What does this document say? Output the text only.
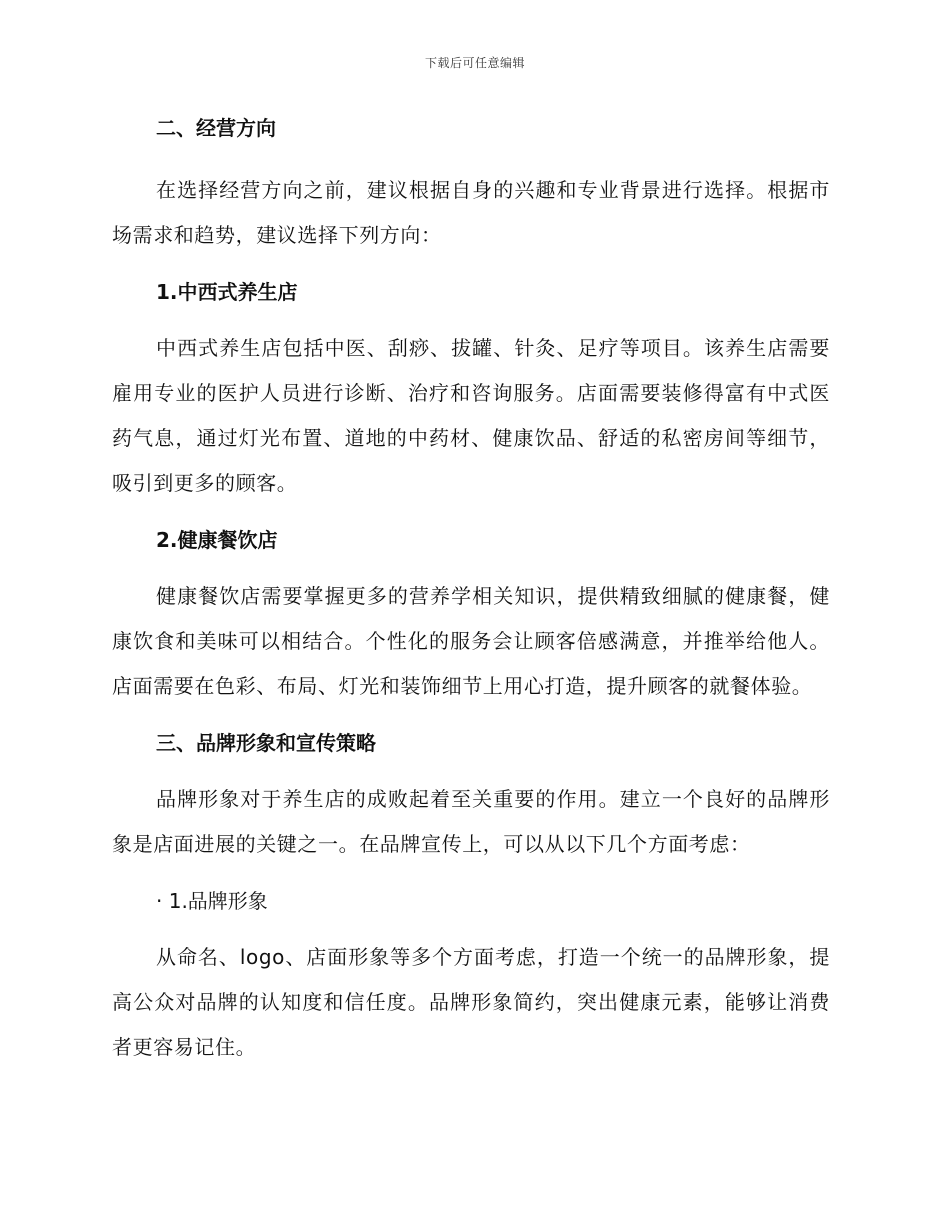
下载后可任意编辑

二、经营方向

在选择经营方向之前，建议根据自身的兴趣和专业背景进行选择。根据市场需求和趋势，建议选择下列方向：

1.中西式养生店

中西式养生店包括中医、刮痧、拔罐、针灸、足疗等项目。该养生店需要雇用专业的医护人员进行诊断、治疗和咨询服务。店面需要装修得富有中式医药气息，通过灯光布置、道地的中药材、健康饮品、舒适的私密房间等细节，吸引到更多的顾客。

2.健康餐饮店

健康餐饮店需要掌握更多的营养学相关知识，提供精致细腻的健康餐，健康饮食和美味可以相结合。个性化的服务会让顾客倍感满意，并推举给他人。店面需要在色彩、布局、灯光和装饰细节上用心打造，提升顾客的就餐体验。

三、品牌形象和宣传策略

品牌形象对于养生店的成败起着至关重要的作用。建立一个良好的品牌形象是店面进展的关键之一。在品牌宣传上，可以从以下几个方面考虑：

· 1.品牌形象

从命名、logo、店面形象等多个方面考虑，打造一个统一的品牌形象，提高公众对品牌的认知度和信任度。品牌形象简约，突出健康元素，能够让消费者更容易记住。
